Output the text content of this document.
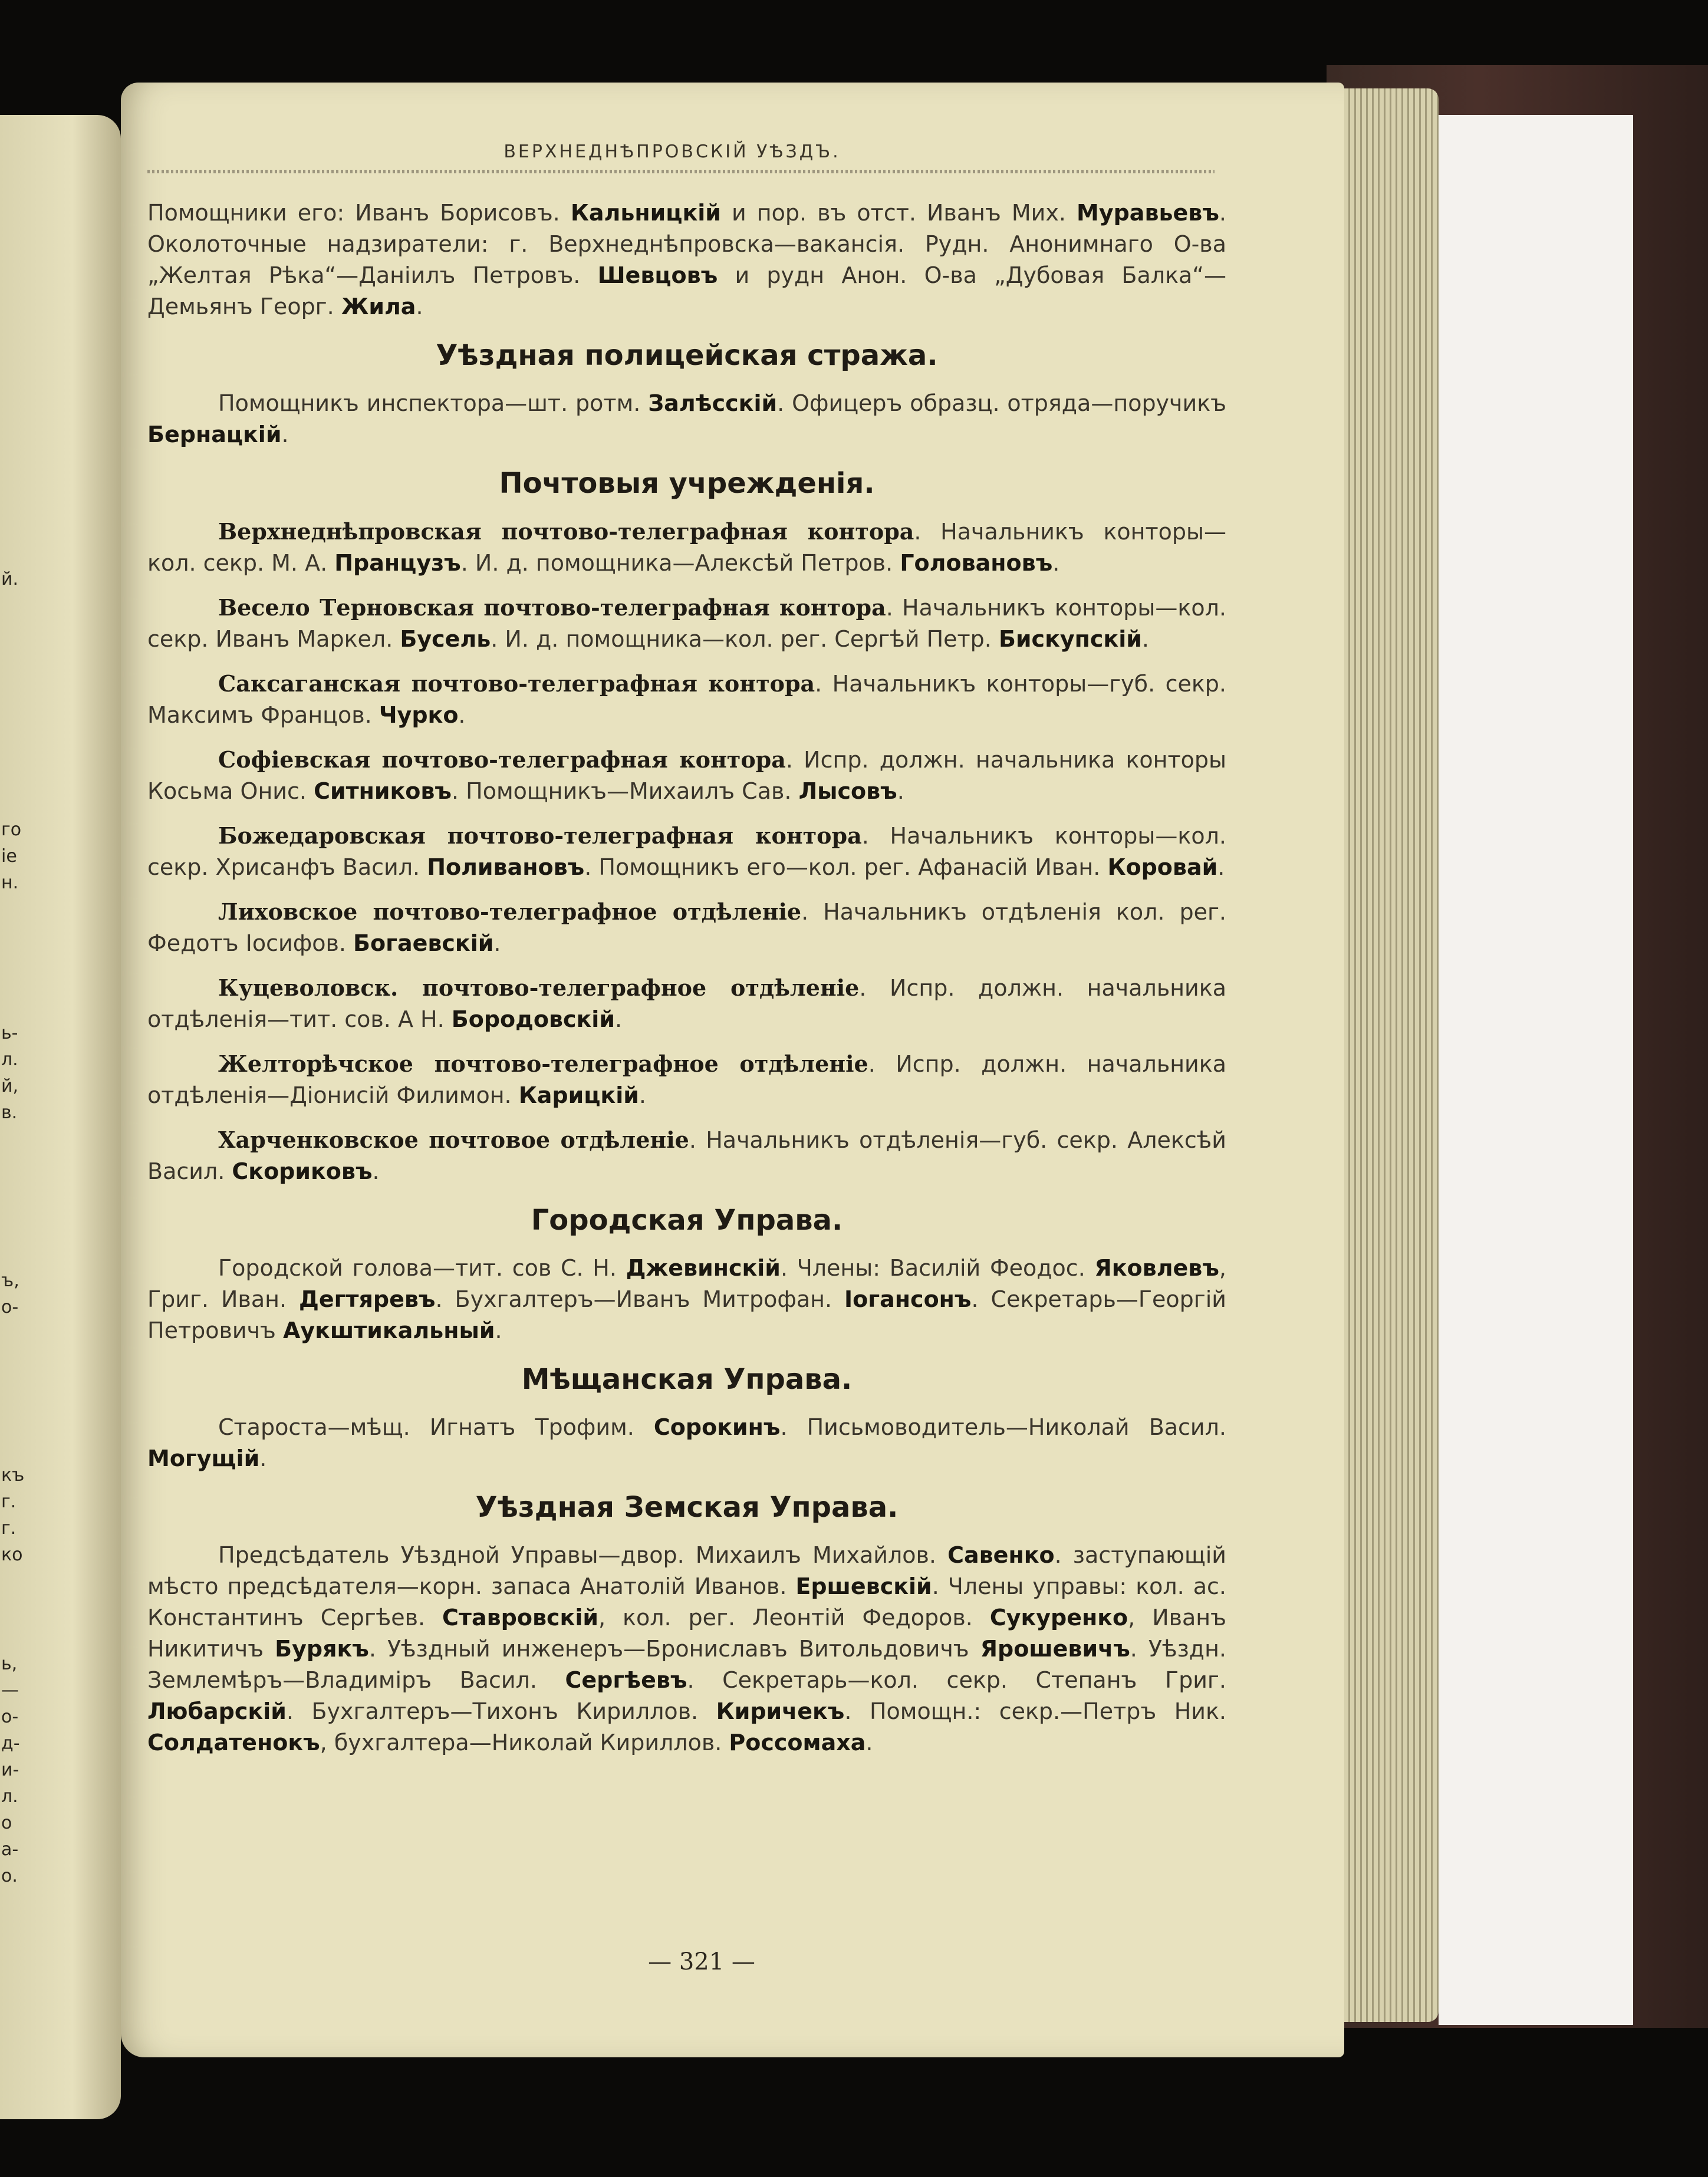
й.
го
іе
н.
ь-
л.
й,
в.
ъ,
о-
къ
г.
г.
ко
ь,
—
о-
д-
и-
л.
о
а-
о.
ВЕРХНЕДНѢПРОВСКІЙ УѢЗДЪ.

Помощники его: Иванъ Борисовъ. Кальницкій и пор. въ отст. Иванъ Мих. Муравьевъ. Околоточные надзиратели: г. Верхнеднѣпровска—вакансія. Рудн. Анонимнаго О-ва „Желтая Рѣка“—Даніилъ Петровъ. Шевцовъ и рудн Анон. О-ва „Дубовая Балка“—Демьянъ Георг. Жила.

Уѣздная полицейская стража.

Помощникъ инспектора—шт. ротм. Залѣсскій. Офицеръ образц. отряда—поручикъ Бернацкій.

Почтовыя учрежденія.

Верхнеднѣпровская почтово-телеграфная контора. Начальникъ конторы—кол. секр. М. А. Пранцузъ. И. д. помощника—Алексѣй Петров. Головановъ.

Весело Терновская почтово-телеграфная контора. Начальникъ конторы—кол. секр. Иванъ Маркел. Бусель. И. д. помощника—кол. рег. Сергѣй Петр. Бискупскій.

Саксаганская почтово-телеграфная контора. Начальникъ конторы—губ. секр. Максимъ Францов. Чурко.

Софіевская почтово-телеграфная контора. Испр. должн. начальника конторы Косьма Онис. Ситниковъ. Помощникъ—Михаилъ Сав. Лысовъ.

Божедаровская почтово-телеграфная контора. Начальникъ конторы—кол. секр. Хрисанфъ Васил. Поливановъ. Помощникъ его—кол. рег. Афанасій Иван. Коровай.

Лиховское почтово-телеграфное отдѣленіе. Начальникъ отдѣленія кол. рег. Федотъ Іосифов. Богаевскій.

Куцеволовск. почтово-телеграфное отдѣленіе. Испр. должн. начальника отдѣленія—тит. сов. А Н. Бородовскій.

Желторѣчское почтово-телеграфное отдѣленіе. Испр. должн. начальника отдѣленія—Діонисій Филимон. Карицкій.

Харченковское почтовое отдѣленіе. Начальникъ отдѣленія—губ. секр. Алексѣй Васил. Скориковъ.

Городская Управа.

Городской голова—тит. сов С. Н. Джевинскій. Члены: Василій Феодос. Яковлевъ, Григ. Иван. Дегтяревъ. Бухгалтеръ—Иванъ Митрофан. Іогансонъ. Секретарь—Георгій Петровичъ Аукштикальный.

Мѣщанская Управа.

Староста—мѣщ. Игнатъ Трофим. Сорокинъ. Письмоводитель—Николай Васил. Могущій.

Уѣздная Земская Управа.

Предсѣдатель Уѣздной Управы—двор. Михаилъ Михайлов. Савенко. заступающій мѣсто предсѣдателя—корн. запаса Анатолій Иванов. Ершевскій. Члены управы: кол. ас. Константинъ Сергѣев. Ставровскій, кол. рег. Леонтій Федоров. Сукуренко, Иванъ Никитичъ Бурякъ. Уѣздный инженеръ—Брониславъ Витольдовичъ Ярошевичъ. Уѣздн. Землемѣръ—Владиміръ Васил. Сергѣевъ. Секретарь—кол. секр. Степанъ Григ. Любарскій. Бухгалтеръ—Тихонъ Кириллов. Киричекъ. Помощн.: секр.—Петръ Ник. Солдатенокъ, бухгалтера—Николай Кириллов. Россомаха.

— 321 —
